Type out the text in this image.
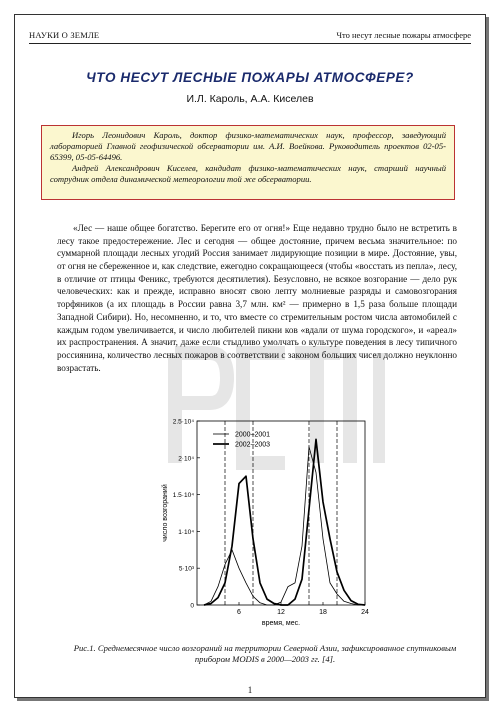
НАУКИ О ЗЕМЛЕ	Что несут лесные пожары атмосфере
ЧТО НЕСУТ ЛЕСНЫЕ ПОЖАРЫ АТМОСФЕРЕ?
И.Л. Кароль, А.А. Киселев

Игорь Леонидович Кароль, доктор физико-математических наук, профессор, заведующий лабораторией Главной геофизической обсерватории им. А.И. Воейкова. Руководитель проектов 02-05-65399, 05-05-64496.

Андрей Александрович Киселев, кандидат физико-математических наук, старший научный сотрудник отдела динамической метеорологии той же обсерватории.

«Лес — наше общее богатство. Берегите его от огня!» Еще недавно трудно было не встретить в лесу такое предостережение. Лес и сегодня — общее достояние, причем весьма значительное: по суммарной площади лесных угодий Россия занимает лидирующие позиции в мире. Достояние, увы, от огня не сбереженное и, как следствие, ежегодно сокращающееся (чтобы «восстать из пепла», лесу, в отличие от птицы Феникс, требуются десятилетия). Безусловно, не всякое возгорание — дело рук человеческих: как и прежде, исправно вносят свою лепту молниевые разряды и самовозгорания торфяников (а их площадь в России равна 3,7 млн. км² — примерно в 1,5 раза больше площади Западной Сибири). Но, несомненно, и то, что вместе со стремительным ростом числа автомобилей с каждым годом увеличивается, и число любителей пикни ков «вдали от шума городского», и «ареал» их распространения. А значит, даже если стыдливо умолчать о культуре поведения в лесу типичного россиянина, количество лесных пожаров в соответствии с законом больших чисел должно неуклонно возрастать.

0
5·10³
1·10⁴
1.5·10⁴
2·10⁴
2.5·10⁴
6	12	18	24
время, мес.
число возгораний
2000–2001
2002–2003
Рис.1. Среднемесячное число возгораний на территории Северной Азии, зафиксированное спутниковым прибором MODIS в 2000—2003 гг. [4].
1
